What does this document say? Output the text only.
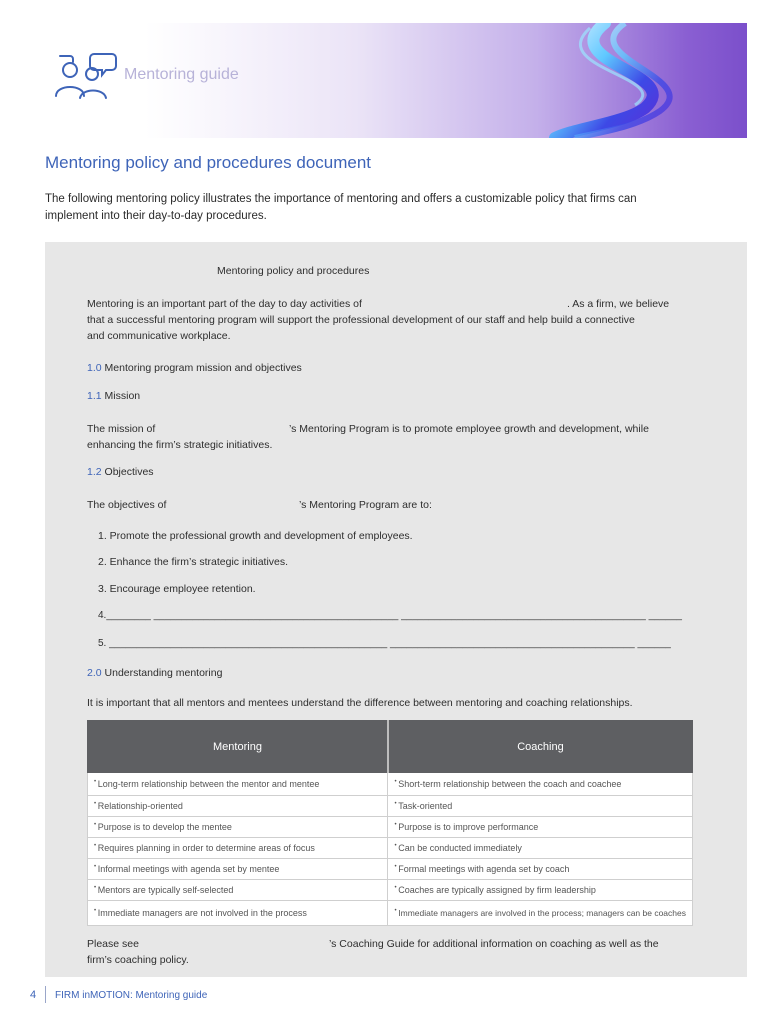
Mentoring guide
Mentoring policy and procedures document
The following mentoring policy illustrates the importance of mentoring and offers a customizable policy that firms can implement into their day-to-day procedures.
Mentoring policy and procedures
Mentoring is an important part of the day to day activities of	. As a firm, we believe
that a successful mentoring program will support the professional development of our staff and help build a connective
and communicative workplace.
1.0 Mentoring program mission and objectives
1.1 Mission
The mission of	’s Mentoring Program is to promote employee growth and development, while
enhancing the firm’s strategic initiatives.
1.2 Objectives
The objectives of	’s Mentoring Program are to:
1. Promote the professional growth and development of employees.
2. Enhance the firm’s strategic initiatives.
3. Encourage employee retention.
4.________ ____________________________________________ ____________________________________________ ______
5. __________________________________________________ ____________________________________________ ______
2.0 Understanding mentoring
It is important that all mentors and mentees understand the difference between mentoring and coaching relationships.
Mentoring	Coaching
• Long-term relationship between the mentor and mentee	• Short-term relationship between the coach and coachee
• Relationship-oriented	• Task-oriented
• Purpose is to develop the mentee	• Purpose is to improve performance
• Requires planning in order to determine areas of focus	• Can be conducted immediately
• Informal meetings with agenda set by mentee	• Formal meetings with agenda set by coach
• Mentors are typically self-selected	• Coaches are typically assigned by firm leadership
• Immediate managers are not involved in the process	• Immediate managers are involved in the process; managers can be coaches
Please see	’s Coaching Guide for additional information on coaching as well as the
firm’s coaching policy.
4 FIRM inMOTION: Mentoring guide
